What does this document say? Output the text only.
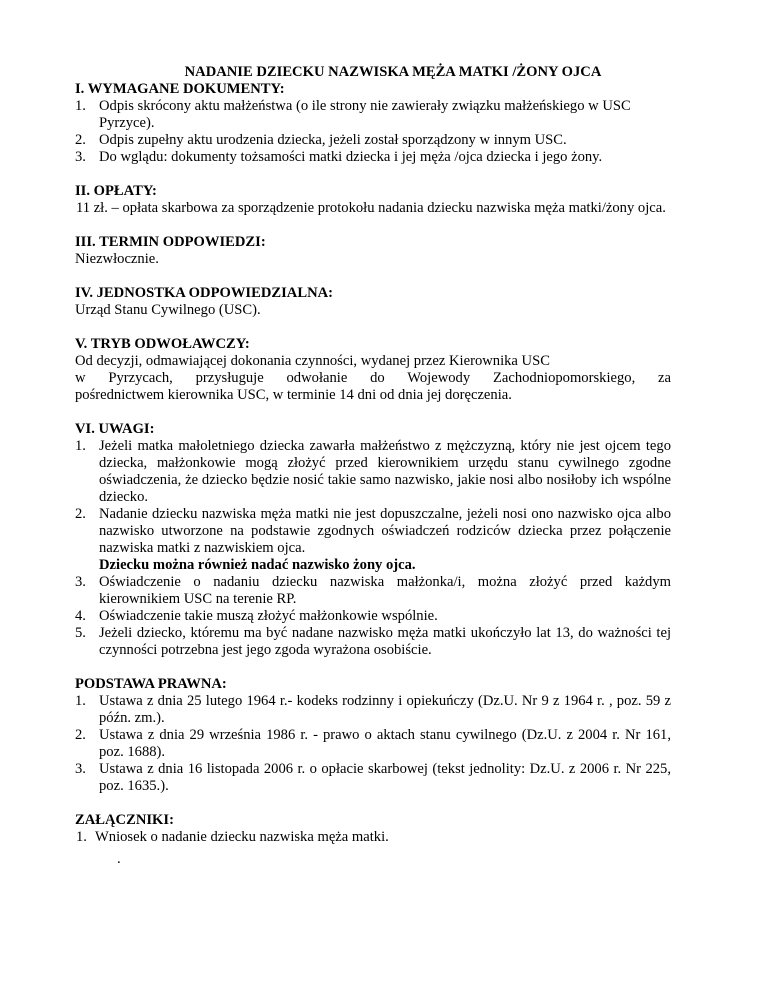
NADANIE DZIECKU NAZWISKA MĘŻA MATKI /ŻONY OJCA
I. WYMAGANE DOKUMENTY:
1. Odpis skrócony aktu małżeństwa (o ile strony nie zawierały związku małżeńskiego w USC Pyrzyce).
2. Odpis zupełny aktu urodzenia dziecka, jeżeli został sporządzony w innym USC.
3. Do wglądu: dokumenty tożsamości matki dziecka i jej męża /ojca dziecka i jego żony.
II. OPŁATY:
11 zł. – opłata skarbowa za sporządzenie protokołu nadania dziecku nazwiska męża matki/żony ojca.
III. TERMIN ODPOWIEDZI:
Niezwłocznie.
IV. JEDNOSTKA ODPOWIEDZIALNA:
Urząd Stanu Cywilnego (USC).
V. TRYB ODWOŁAWCZY:
Od decyzji, odmawiającej dokonania czynności, wydanej przez Kierownika USC
w Pyrzycach, przysługuje odwołanie do Wojewody Zachodniopomorskiego, za
pośrednictwem kierownika USC, w terminie 14 dni od dnia jej doręczenia.
VI. UWAGI:
1. Jeżeli matka małoletniego dziecka zawarła małżeństwo z mężczyzną, który nie jest ojcem tego dziecka, małżonkowie mogą złożyć przed kierownikiem urzędu stanu cywilnego zgodne oświadczenia, że dziecko będzie nosić takie samo nazwisko, jakie nosi albo nosiłoby ich wspólne dziecko.
2. Nadanie dziecku nazwiska męża matki nie jest dopuszczalne, jeżeli nosi ono nazwisko ojca albo nazwisko utworzone na podstawie zgodnych oświadczeń rodziców dziecka przez połączenie nazwiska matki z nazwiskiem ojca.
Dziecku można również nadać nazwisko żony ojca.
3. Oświadczenie o nadaniu dziecku nazwiska małżonka/i, można złożyć przed każdym kierownikiem USC na terenie RP.
4. Oświadczenie takie muszą złożyć małżonkowie wspólnie.
5. Jeżeli dziecko, któremu ma być nadane nazwisko męża matki ukończyło lat 13, do ważności tej czynności potrzebna jest jego zgoda wyrażona osobiście.
PODSTAWA PRAWNA:
1. Ustawa z dnia 25 lutego 1964 r.- kodeks rodzinny i opiekuńczy (Dz.U. Nr 9 z 1964 r. , poz. 59 z późn. zm.).
2. Ustawa z dnia 29 września 1986 r. - prawo o aktach stanu cywilnego (Dz.U. z 2004 r. Nr 161, poz. 1688).
3. Ustawa z dnia 16 listopada 2006 r. o opłacie skarbowej (tekst jednolity: Dz.U. z 2006 r. Nr 225, poz. 1635.).
ZAŁĄCZNIKI:
1. Wniosek o nadanie dziecku nazwiska męża matki.
.
